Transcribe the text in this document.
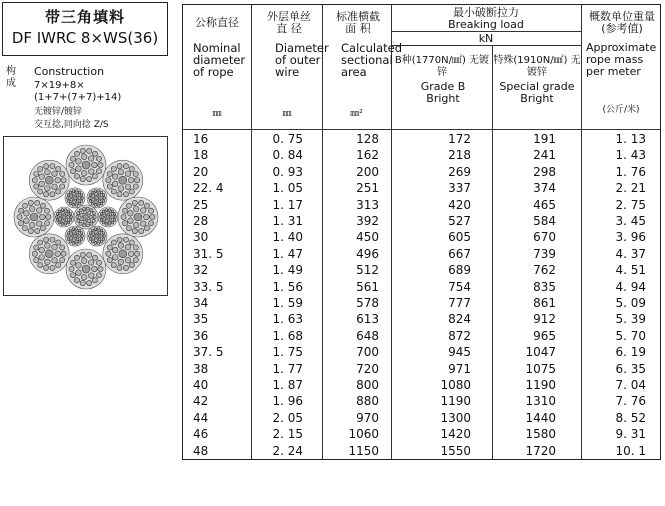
带三角填料
DF IWRC 8×WS(36)
构成
Construction
7×19+8×
(1+7+(7+7)+14)
无镀锌/镀锌
交互捻,同向捻 Z/S
公称直径
Nominal diameter of rope
㎜
外层单丝 直 径
Diameter of outer wire
㎜
标准横截 面 积
Calculated sectional area
㎜²
最小破断拉力
Breaking load
kN
B种(1770N/㎟) 无镀锌
Grade B Bright
特殊(1910N/㎟) 无镀锌
Special grade Bright
概数单位重量 (参考值)
Approximate rope mass per meter
(公斤/米)
16	0. 75	128	172	191	1. 13
18	0. 84	162	218	241	1. 43
20	0. 93	200	269	298	1. 76
22. 4	1. 05	251	337	374	2. 21
25	1. 17	313	420	465	2. 75
28	1. 31	392	527	584	3. 45
30	1. 40	450	605	670	3. 96
31. 5	1. 47	496	667	739	4. 37
32	1. 49	512	689	762	4. 51
33. 5	1. 56	561	754	835	4. 94
34	1. 59	578	777	861	5. 09
35	1. 63	613	824	912	5. 39
36	1. 68	648	872	965	5. 70
37. 5	1. 75	700	945	1047	6. 19
38	1. 77	720	971	1075	6. 35
40	1. 87	800	1080	1190	7. 04
42	1. 96	880	1190	1310	7. 76
44	2. 05	970	1300	1440	8. 52
46	2. 15	1060	1420	1580	9. 31
48	2. 24	1150	1550	1720	10. 1
